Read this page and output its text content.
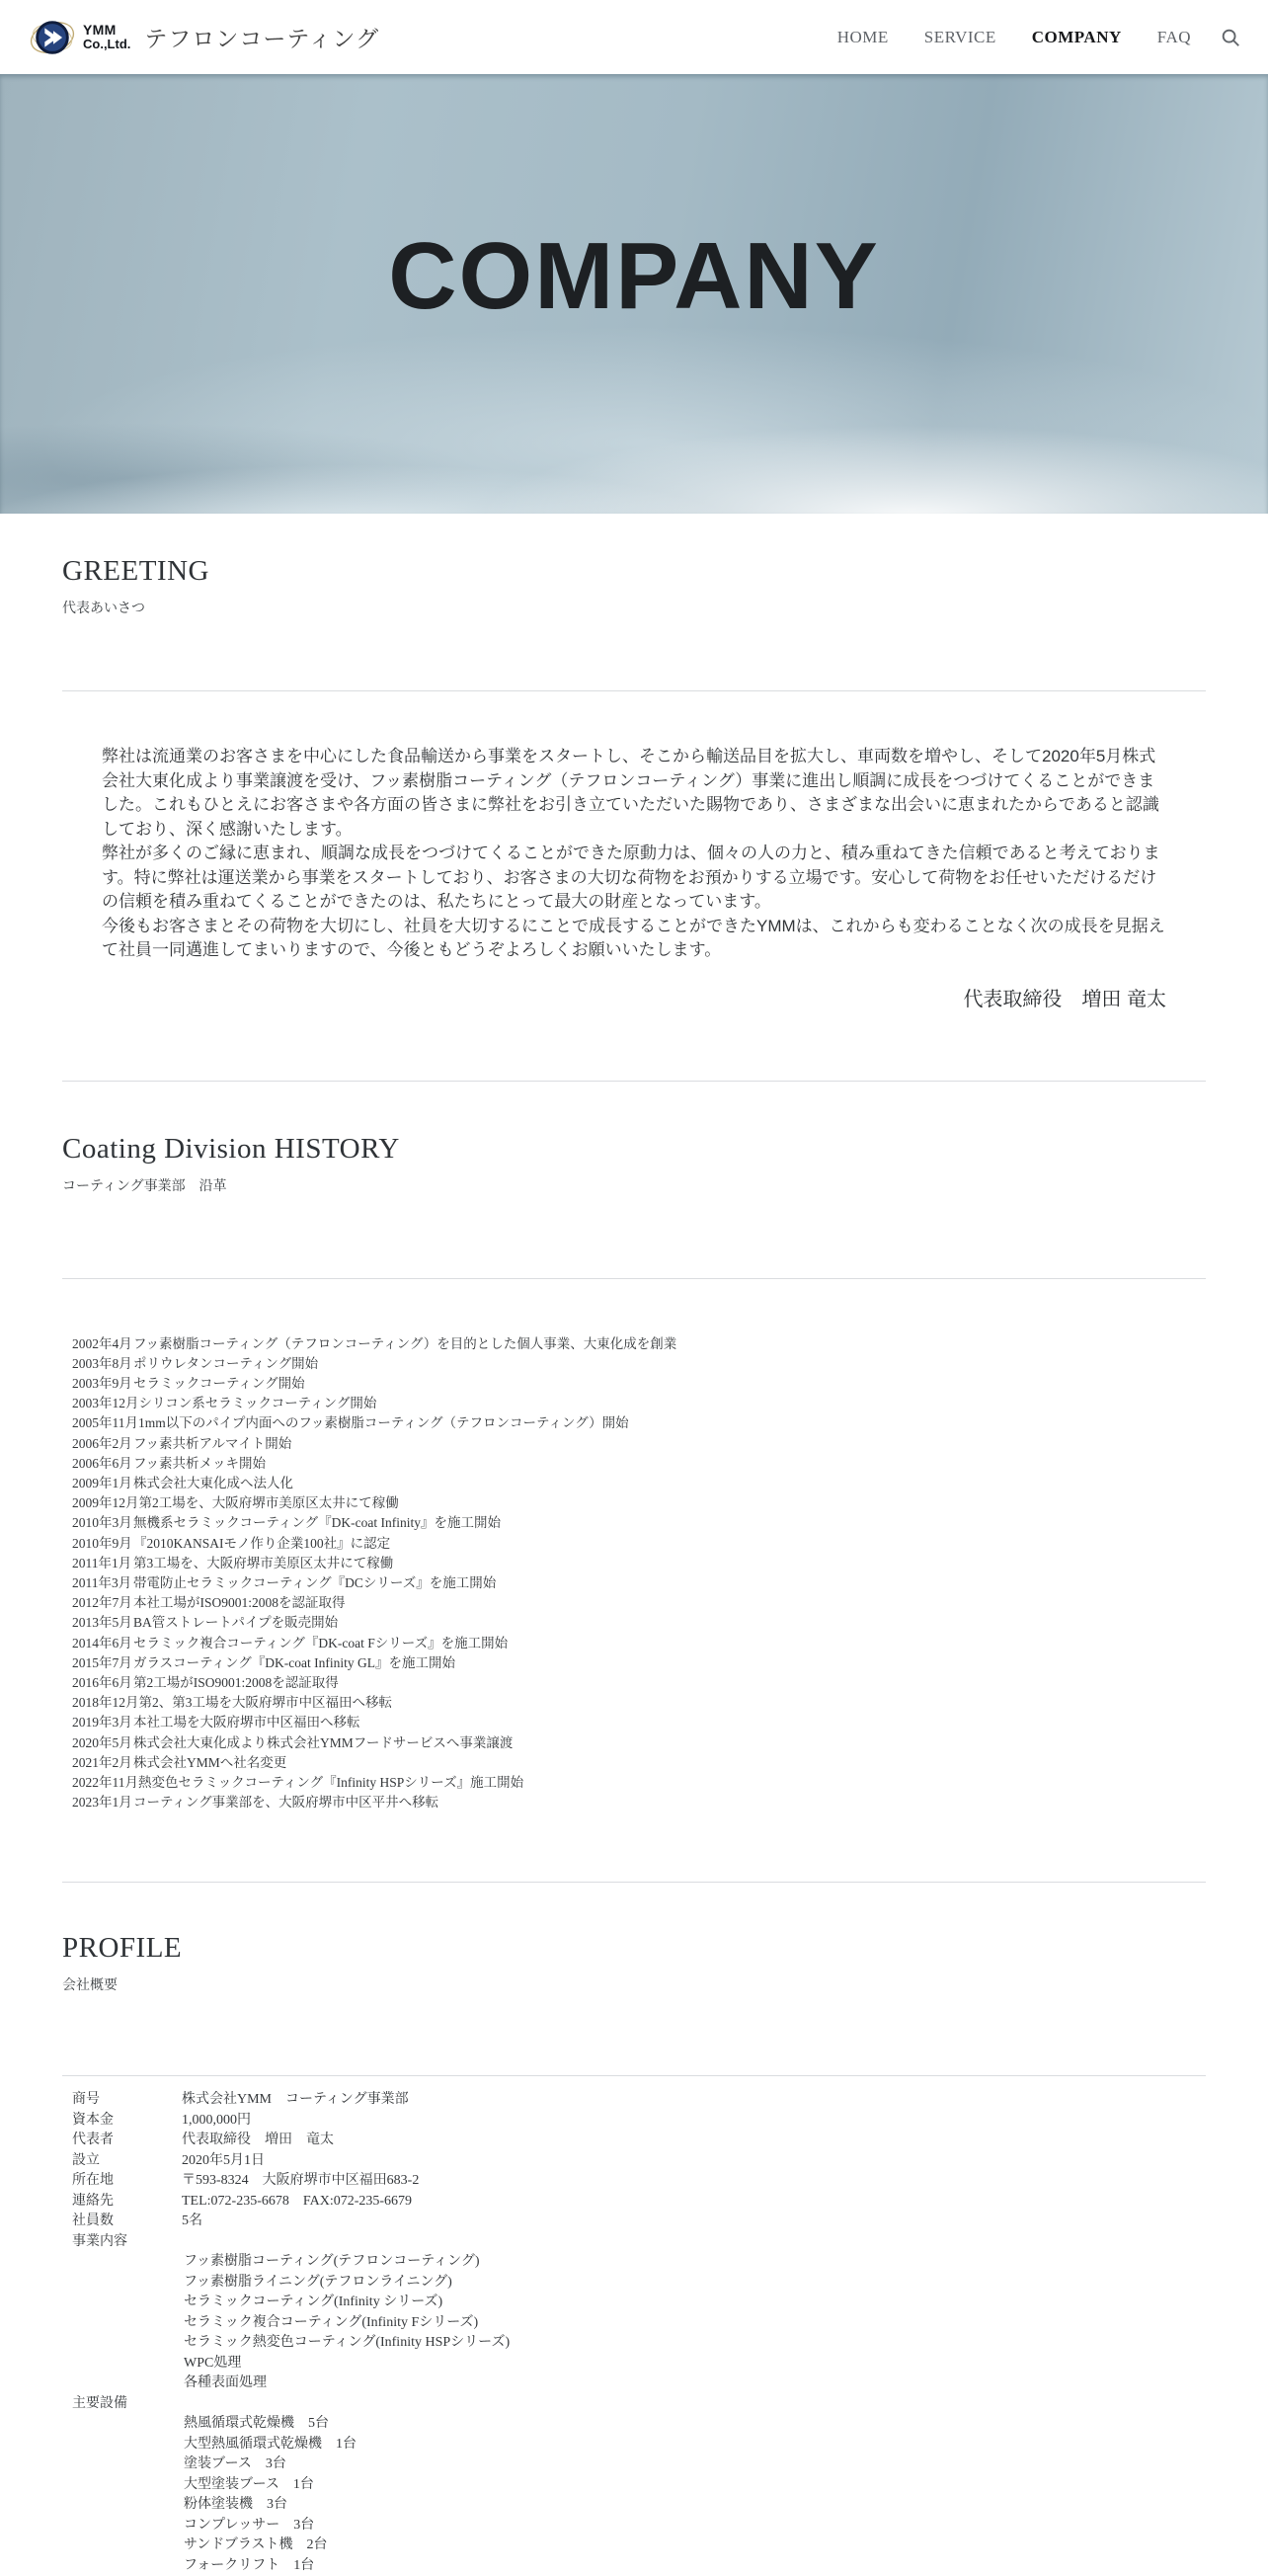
YMM
Co.,Ltd. テフロンコーティング	HOME SERVICE COMPANY FAQ
COMPANY
GREETING
代表あいさつ

弊社は流通業のお客さまを中心にした食品輸送から事業をスタートし、そこから輸送品目を拡大し、車両数を増やし、そして2020年5月株式会社大東化成より事業譲渡を受け、フッ素樹脂コーティング（テフロンコーティング）事業に進出し順調に成長をつづけてくることができました。これもひとえにお客さまや各方面の皆さまに弊社をお引き立ていただいた賜物であり、さまざまな出会いに恵まれたからであると認識しており、深く感謝いたします。

弊社が多くのご縁に恵まれ、順調な成長をつづけてくることができた原動力は、個々の人の力と、積み重ねてきた信頼であると考えております。特に弊社は運送業から事業をスタートしており、お客さまの大切な荷物をお預かりする立場です。安心して荷物をお任せいただけるだけの信頼を積み重ねてくることができたのは、私たちにとって最大の財産となっています。

今後もお客さまとその荷物を大切にし、社員を大切するにことで成長することができたYMMは、これからも変わることなく次の成長を見据えて社員一同邁進してまいりますので、今後ともどうぞよろしくお願いいたします。

代表取締役　増田 竜太
Coating Division HISTORY
コーティング事業部　沿革
2002年4月 フッ素樹脂コーティング（テフロンコーティング）を目的とした個人事業、大東化成を創業
2003年8月 ポリウレタンコーティング開始
2003年9月 セラミックコーティング開始
2003年12月 シリコン系セラミックコーティング開始
2005年11月 1mm以下のパイプ内面へのフッ素樹脂コーティング（テフロンコーティング）開始
2006年2月 フッ素共析アルマイト開始
2006年6月 フッ素共析メッキ開始
2009年1月 株式会社大東化成へ法人化
2009年12月 第2工場を、大阪府堺市美原区太井にて稼働
2010年3月 無機系セラミックコーティング『DK-coat Infinity』を施工開始
2010年9月 『2010KANSAIモノ作り企業100社』に認定
2011年1月 第3工場を、大阪府堺市美原区太井にて稼働
2011年3月 帯電防止セラミックコーティング『DCシリーズ』を施工開始
2012年7月 本社工場がISO9001:2008を認証取得
2013年5月 BA管ストレートパイプを販売開始
2014年6月 セラミック複合コーティング『DK-coat Fシリーズ』を施工開始
2015年7月 ガラスコーティング『DK-coat Infinity GL』を施工開始
2016年6月 第2工場がISO9001:2008を認証取得
2018年12月 第2、第3工場を大阪府堺市中区福田へ移転
2019年3月 本社工場を大阪府堺市中区福田へ移転
2020年5月 株式会社大東化成より株式会社YMMフードサービスへ事業譲渡
2021年2月 株式会社YMMへ社名変更
2022年11月 熱変色セラミックコーティング『Infinity HSPシリーズ』施工開始
2023年1月 コーティング事業部を、大阪府堺市中区平井へ移転
PROFILE
会社概要
商号	株式会社YMM　コーティング事業部
資本金	1,000,000円
代表者	代表取締役　増田　竜太
設立	2020年5月1日
所在地	〒593-8324　大阪府堺市中区福田683-2
連絡先	TEL:072-235-6678　FAX:072-235-6679
社員数	5名
事業内容
フッ素樹脂コーティング(テフロンコーティング)
フッ素樹脂ライニング(テフロンライニング)
セラミックコーティング(Infinity シリーズ)
セラミック複合コーティング(Infinity Fシリーズ)
セラミック熱変色コーティング(Infinity HSPシリーズ)
WPC処理
各種表面処理
主要設備
熱風循環式乾燥機　5台
大型熱風循環式乾燥機　1台
塗装ブース　3台
大型塗装ブース　1台
粉体塗装機　3台
コンプレッサー　3台
サンドブラスト機　2台
フォークリフト　1台
